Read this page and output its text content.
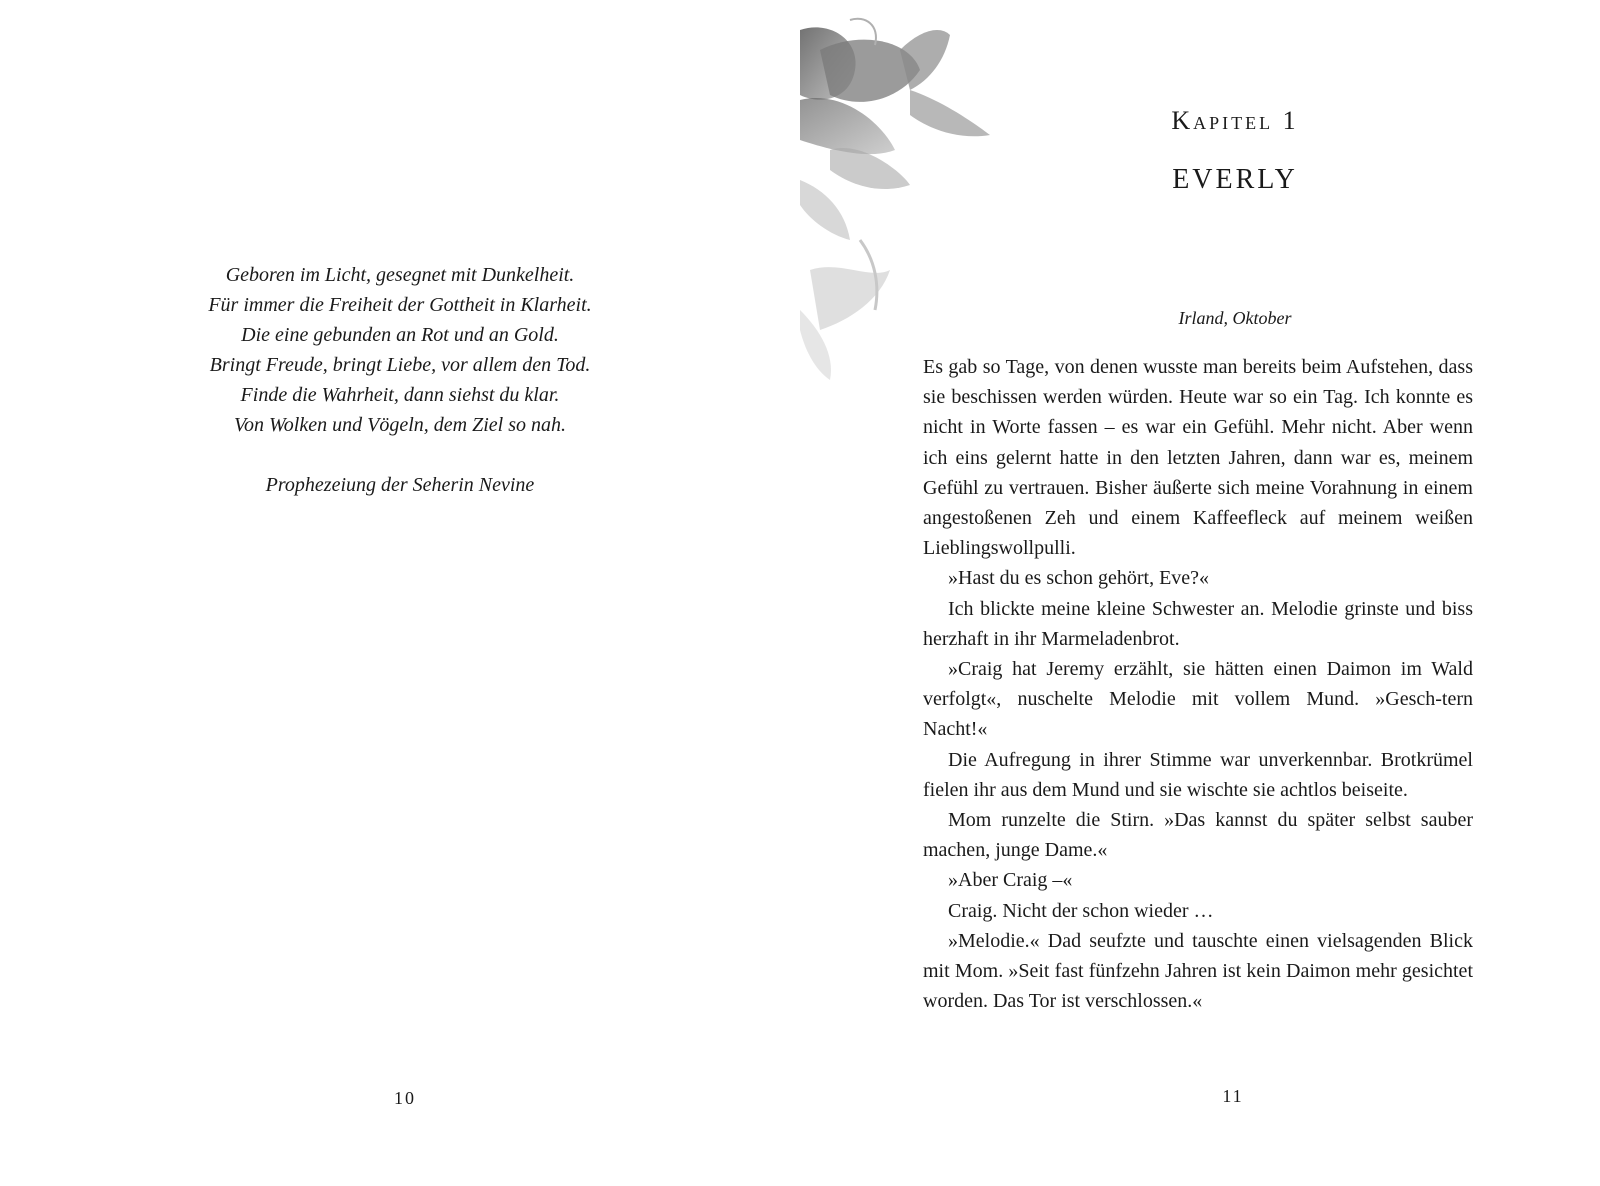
Geboren im Licht, gesegnet mit Dunkelheit.
Für immer die Freiheit der Gottheit in Klarheit.
Die eine gebunden an Rot und an Gold.
Bringt Freude, bringt Liebe, vor allem den Tod.
Finde die Wahrheit, dann siehst du klar.
Von Wolken und Vögeln, dem Ziel so nah.
Prophezeiung der Seherin Nevine
10
Kapitel 1
EVERLY
Irland, Oktober

Es gab so Tage, von denen wusste man bereits beim Aufstehen, dass sie beschissen werden würden. Heute war so ein Tag. Ich konnte es nicht in Worte fassen – es war ein Gefühl. Mehr nicht. Aber wenn ich eins gelernt hatte in den letzten Jahren, dann war es, meinem Gefühl zu vertrauen. Bisher äußerte sich meine Vorahnung in einem angestoßenen Zeh und einem Kaffeefleck auf meinem weißen Lieblingswollpulli.

»Hast du es schon gehört, Eve?«

Ich blickte meine kleine Schwester an. Melodie grinste und biss herzhaft in ihr Marmeladenbrot.

»Craig hat Jeremy erzählt, sie hätten einen Daimon im Wald verfolgt«, nuschelte Melodie mit vollem Mund. »Gesch-tern Nacht!«

Die Aufregung in ihrer Stimme war unverkennbar. Brotkrümel fielen ihr aus dem Mund und sie wischte sie achtlos beiseite.

Mom runzelte die Stirn. »Das kannst du später selbst sauber machen, junge Dame.«

»Aber Craig –«

Craig. Nicht der schon wieder …

»Melodie.« Dad seufzte und tauschte einen vielsagenden Blick mit Mom. »Seit fast fünfzehn Jahren ist kein Daimon mehr gesichtet worden. Das Tor ist verschlossen.«

11
